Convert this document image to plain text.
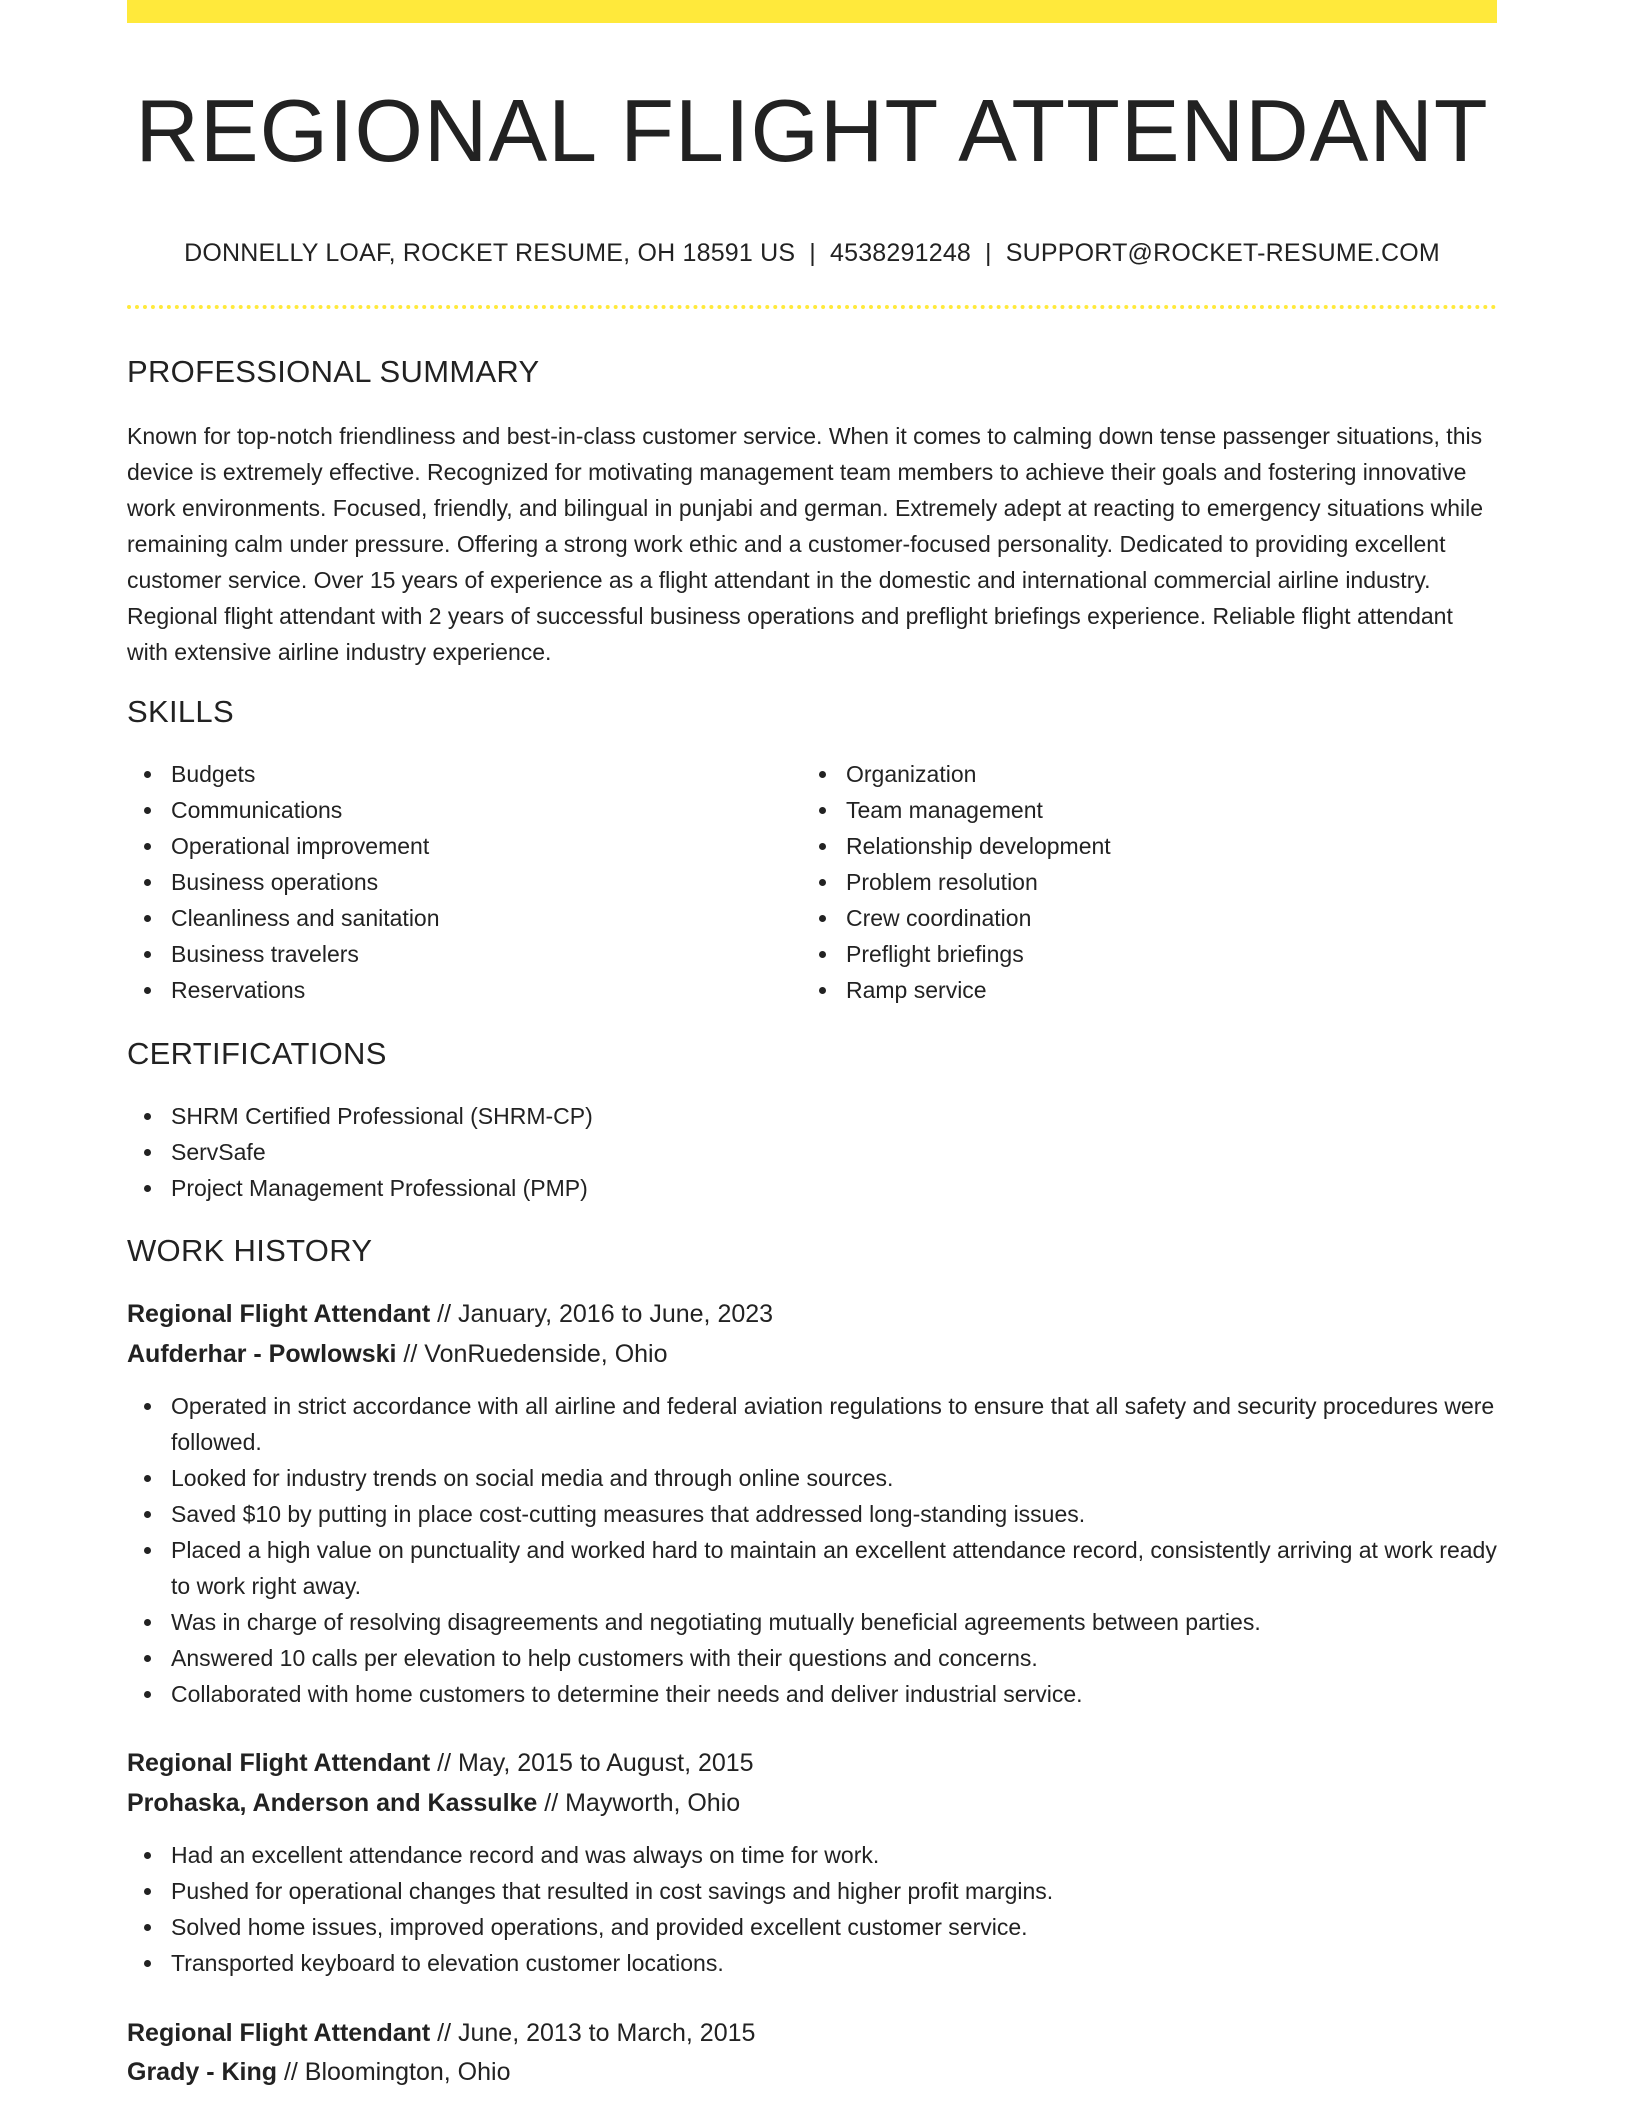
REGIONAL FLIGHT ATTENDANT
DONNELLY LOAF, ROCKET RESUME, OH 18591 US | 4538291248 | SUPPORT@ROCKET-RESUME.COM
PROFESSIONAL SUMMARY

Known for top-notch friendliness and best-in-class customer service. When it comes to calming down tense passenger situations, this device is extremely effective. Recognized for motivating management team members to achieve their goals and fostering innovative work environments. Focused, friendly, and bilingual in punjabi and german. Extremely adept at reacting to emergency situations while remaining calm under pressure. Offering a strong work ethic and a customer-focused personality. Dedicated to providing excellent customer service. Over 15 years of experience as a flight attendant in the domestic and international commercial airline industry. Regional flight attendant with 2 years of successful business operations and preflight briefings experience. Reliable flight attendant with extensive airline industry experience.

SKILLS
Budgets
Communications
Operational improvement
Business operations
Cleanliness and sanitation
Business travelers
Reservations
Organization
Team management
Relationship development
Problem resolution
Crew coordination
Preflight briefings
Ramp service
CERTIFICATIONS
SHRM Certified Professional (SHRM-CP)
ServSafe
Project Management Professional (PMP)
WORK HISTORY
Regional Flight Attendant // January, 2016 to June, 2023
Aufderhar - Powlowski // VonRuedenside, Ohio
Operated in strict accordance with all airline and federal aviation regulations to ensure that all safety and security procedures were followed.
Looked for industry trends on social media and through online sources.
Saved $10 by putting in place cost-cutting measures that addressed long-standing issues.
Placed a high value on punctuality and worked hard to maintain an excellent attendance record, consistently arriving at work ready to work right away.
Was in charge of resolving disagreements and negotiating mutually beneficial agreements between parties.
Answered 10 calls per elevation to help customers with their questions and concerns.
Collaborated with home customers to determine their needs and deliver industrial service.
Regional Flight Attendant // May, 2015 to August, 2015
Prohaska, Anderson and Kassulke // Mayworth, Ohio
Had an excellent attendance record and was always on time for work.
Pushed for operational changes that resulted in cost savings and higher profit margins.
Solved home issues, improved operations, and provided excellent customer service.
Transported keyboard to elevation customer locations.
Regional Flight Attendant // June, 2013 to March, 2015
Grady - King // Bloomington, Ohio
